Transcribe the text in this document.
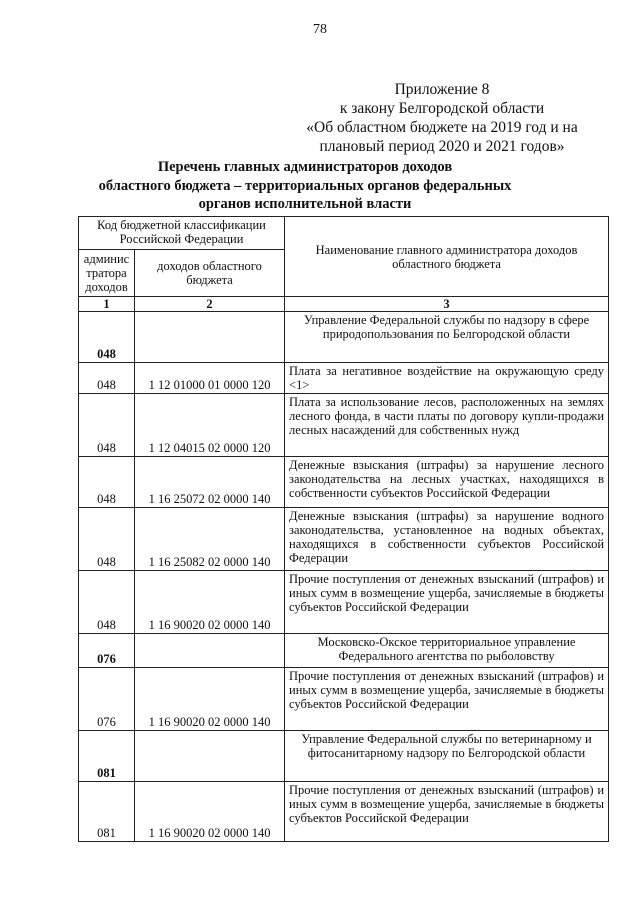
78
Приложение 8
к закону Белгородской области
«Об областном бюджете на 2019 год и на
плановый период 2020 и 2021 годов»
Перечень главных администраторов доходов
областного бюджета – территориальных органов федеральных
органов исполнительной власти
Код бюджетной классификации Российской Федерации		Наименование главного администратора доходов областного бюджета
админис тратора доходов	доходов областного бюджета	
1	2	3
048		Управление Федеральной службы по надзору в сфере природопользования по Белгородской области
048	1 12 01000 01 0000 120	Плата за негативное воздействие на окружающую среду <1>
048	1 12 04015 02 0000 120	Плата за использование лесов, расположенных на землях лесного фонда, в части платы по договору купли-продажи лесных насаждений для собственных нужд
048	1 16 25072 02 0000 140	Денежные взыскания (штрафы) за нарушение лесного законодательства на лесных участках, находящихся в собственности субъектов Российской Федерации
048	1 16 25082 02 0000 140	Денежные взыскания (штрафы) за нарушение водного законодательства, установленное на водных объектах, находящихся в собственности субъектов Российской Федерации
048	1 16 90020 02 0000 140	Прочие поступления от денежных взысканий (штрафов) и иных сумм в возмещение ущерба, зачисляемые в бюджеты субъектов Российской Федерации
076		Московско-Окское территориальное управление Федерального агентства по рыболовству
076	1 16 90020 02 0000 140	Прочие поступления от денежных взысканий (штрафов) и иных сумм в возмещение ущерба, зачисляемые в бюджеты субъектов Российской Федерации
081		Управление Федеральной службы по ветеринарному и фитосанитарному надзору по Белгородской области
081	1 16 90020 02 0000 140	Прочие поступления от денежных взысканий (штрафов) и иных сумм в возмещение ущерба, зачисляемые в бюджеты субъектов Российской Федерации
